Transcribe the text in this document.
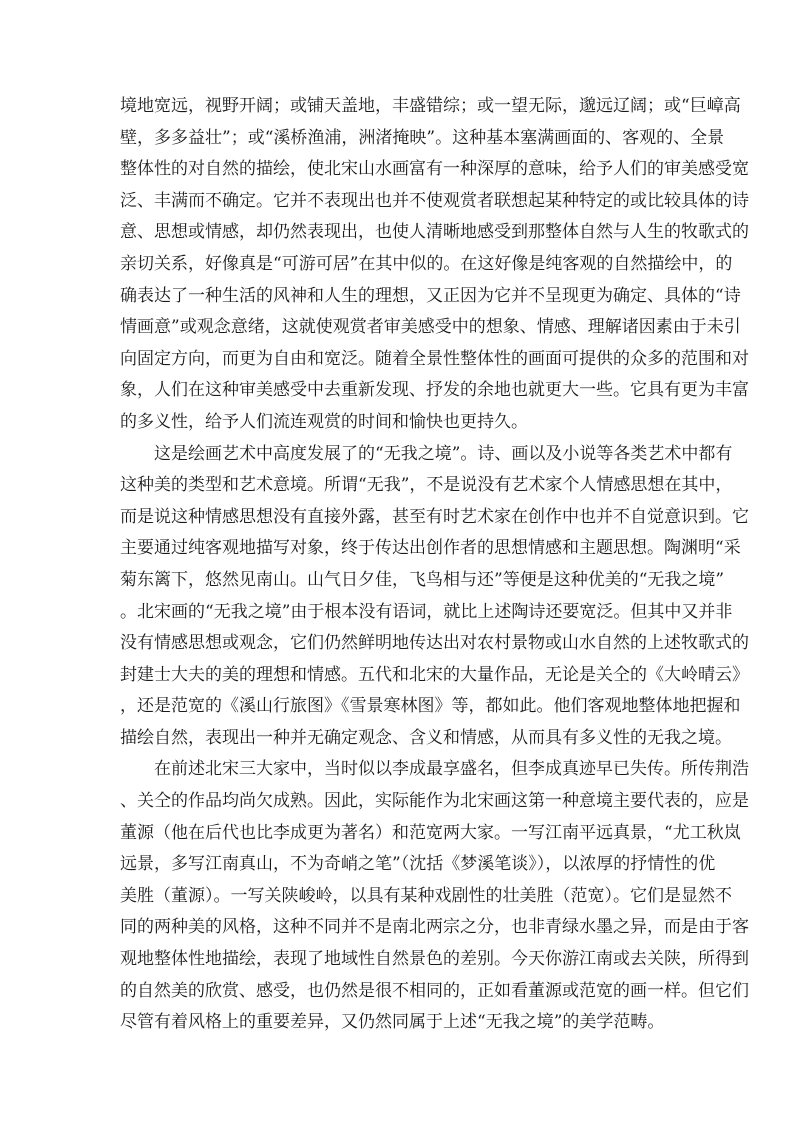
境地宽远，视野开阔；或铺天盖地，丰盛错综；或一望无际，邈远辽阔；或“巨嶂高
壁，多多益壮”；或“溪桥渔浦，洲渚掩映”。这种基本塞满画面的、客观的、全景
整体性的对自然的描绘，使北宋山水画富有一种深厚的意味，给予人们的审美感受宽
泛、丰满而不确定。它并不表现出也并不使观赏者联想起某种特定的或比较具体的诗
意、思想或情感，却仍然表现出，也使人清晰地感受到那整体自然与人生的牧歌式的
亲切关系，好像真是“可游可居”在其中似的。在这好像是纯客观的自然描绘中，的
确表达了一种生活的风神和人生的理想，又正因为它并不呈现更为确定、具体的“诗
情画意”或观念意绪，这就使观赏者审美感受中的想象、情感、理解诸因素由于未引
向固定方向，而更为自由和宽泛。随着全景性整体性的画面可提供的众多的范围和对
象，人们在这种审美感受中去重新发现、抒发的余地也就更大一些。它具有更为丰富
的多义性，给予人们流连观赏的时间和愉快也更持久。
　　这是绘画艺术中高度发展了的“无我之境”。诗、画以及小说等各类艺术中都有
这种美的类型和艺术意境。所谓“无我”，不是说没有艺术家个人情感思想在其中，
而是说这种情感思想没有直接外露，甚至有时艺术家在创作中也并不自觉意识到。它
主要通过纯客观地描写对象，终于传达出创作者的思想情感和主题思想。陶渊明“采
菊东篱下，悠然见南山。山气日夕佳，飞鸟相与还”等便是这种优美的“无我之境”
。北宋画的“无我之境”由于根本没有语词，就比上述陶诗还要宽泛。但其中又并非
没有情感思想或观念，它们仍然鲜明地传达出对农村景物或山水自然的上述牧歌式的
封建士大夫的美的理想和情感。五代和北宋的大量作品，无论是关仝的《大岭晴云》
，还是范宽的《溪山行旅图》《雪景寒林图》等，都如此。他们客观地整体地把握和
描绘自然，表现出一种并无确定观念、含义和情感，从而具有多义性的无我之境。
　　在前述北宋三大家中，当时似以李成最享盛名，但李成真迹早已失传。所传荆浩
、关仝的作品均尚欠成熟。因此，实际能作为北宋画这第一种意境主要代表的，应是
董源（他在后代也比李成更为著名）和范宽两大家。一写江南平远真景，“尤工秋岚
远景，多写江南真山，不为奇峭之笔”（沈括《梦溪笔谈》），以浓厚的抒情性的优
美胜（董源）。一写关陕峻岭，以具有某种戏剧性的壮美胜（范宽）。它们是显然不
同的两种美的风格，这种不同并不是南北两宗之分，也非青绿水墨之异，而是由于客
观地整体性地描绘，表现了地域性自然景色的差别。今天你游江南或去关陕，所得到
的自然美的欣赏、感受，也仍然是很不相同的，正如看董源或范宽的画一样。但它们
尽管有着风格上的重要差异，又仍然同属于上述“无我之境”的美学范畴。
